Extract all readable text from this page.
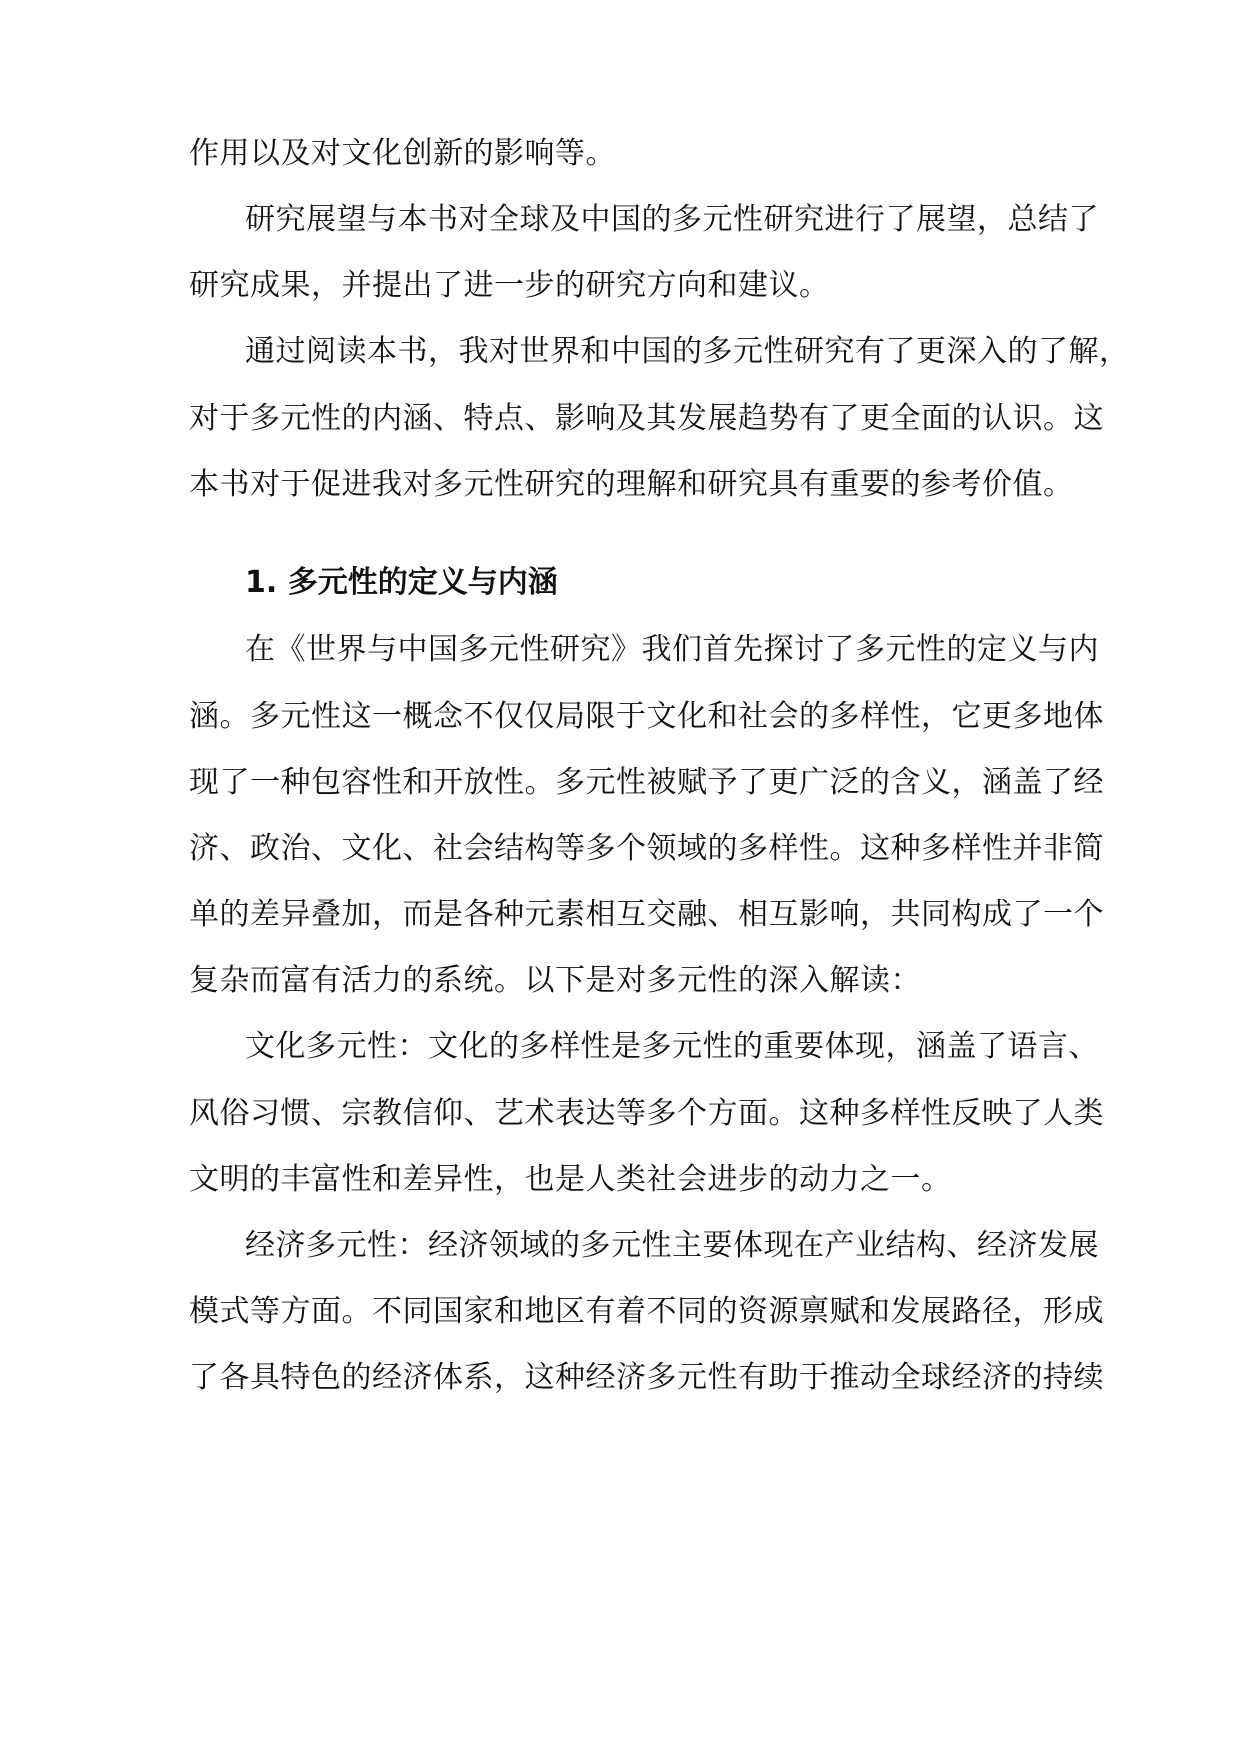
作用以及对文化创新的影响等。
研究展望与本书对全球及中国的多元性研究进行了展望，总结了
研究成果，并提出了进一步的研究方向和建议。
通过阅读本书，我对世界和中国的多元性研究有了更深入的了解，
对于多元性的内涵、特点、影响及其发展趋势有了更全面的认识。这
本书对于促进我对多元性研究的理解和研究具有重要的参考价值。
1. 多元性的定义与内涵
在《世界与中国多元性研究》我们首先探讨了多元性的定义与内
涵。多元性这一概念不仅仅局限于文化和社会的多样性，它更多地体
现了一种包容性和开放性。多元性被赋予了更广泛的含义，涵盖了经
济、政治、文化、社会结构等多个领域的多样性。这种多样性并非简
单的差异叠加，而是各种元素相互交融、相互影响，共同构成了一个
复杂而富有活力的系统。以下是对多元性的深入解读：
文化多元性：文化的多样性是多元性的重要体现，涵盖了语言、
风俗习惯、宗教信仰、艺术表达等多个方面。这种多样性反映了人类
文明的丰富性和差异性，也是人类社会进步的动力之一。
经济多元性：经济领域的多元性主要体现在产业结构、经济发展
模式等方面。不同国家和地区有着不同的资源禀赋和发展路径，形成
了各具特色的经济体系，这种经济多元性有助于推动全球经济的持续
